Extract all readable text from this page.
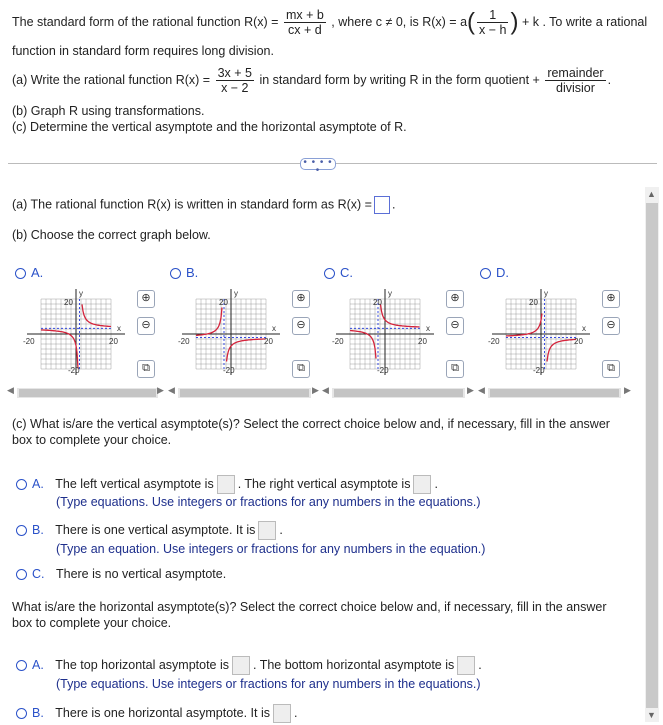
The standard form of the rational function $R(x) = \frac{mx + b}{cx + d}$ , where c ≠ 0, is $R(x) = a( \frac{1}{x - h}$ ) + k . To write a rational
function in standard form requires long division.
(a) Write the rational function $R(x) = \frac{3x + 5}{x - 2}$ in standard form by writing R in the form quotient + $\frac{\text{remainder}}{\text{divisior}}$ .
(b) Graph R using transformations.
(c) Determine the vertical asymptote and the horizontal asymptote of R.
• • • • •
(a) The rational function R(x) is written in standard form as R(x) = .
(b) Choose the correct graph below.
A.
y
x
20
-20	20
-20
⊕
⊖
⧉
B.
y
x
20
-20	20
-20
⊕
⊖
⧉
C.
y
x
20
-20	20
-20
⊕
⊖
⧉
D.
y
x
20
-20	20
-20
⊕
⊖
⧉
◀	▶ ◀	▶ ◀	▶ ◀	▶
(c) What is/are the vertical asymptote(s)? Select the correct choice below and, if necessary, fill in the answer
box to complete your choice.
A. The left vertical asymptote is . The right vertical asymptote is .
(Type equations. Use integers or fractions for any numbers in the equations.)
B. There is one vertical asymptote. It is .
(Type an equation. Use integers or fractions for any numbers in the equation.)
C. There is no vertical asymptote.
What is/are the horizontal asymptote(s)? Select the correct choice below and, if necessary, fill in the answer
box to complete your choice.
A. The top horizontal asymptote is . The bottom horizontal asymptote is .
(Type equations. Use integers or fractions for any numbers in the equations.)
B. There is one horizontal asymptote. It is .
▲
▼
